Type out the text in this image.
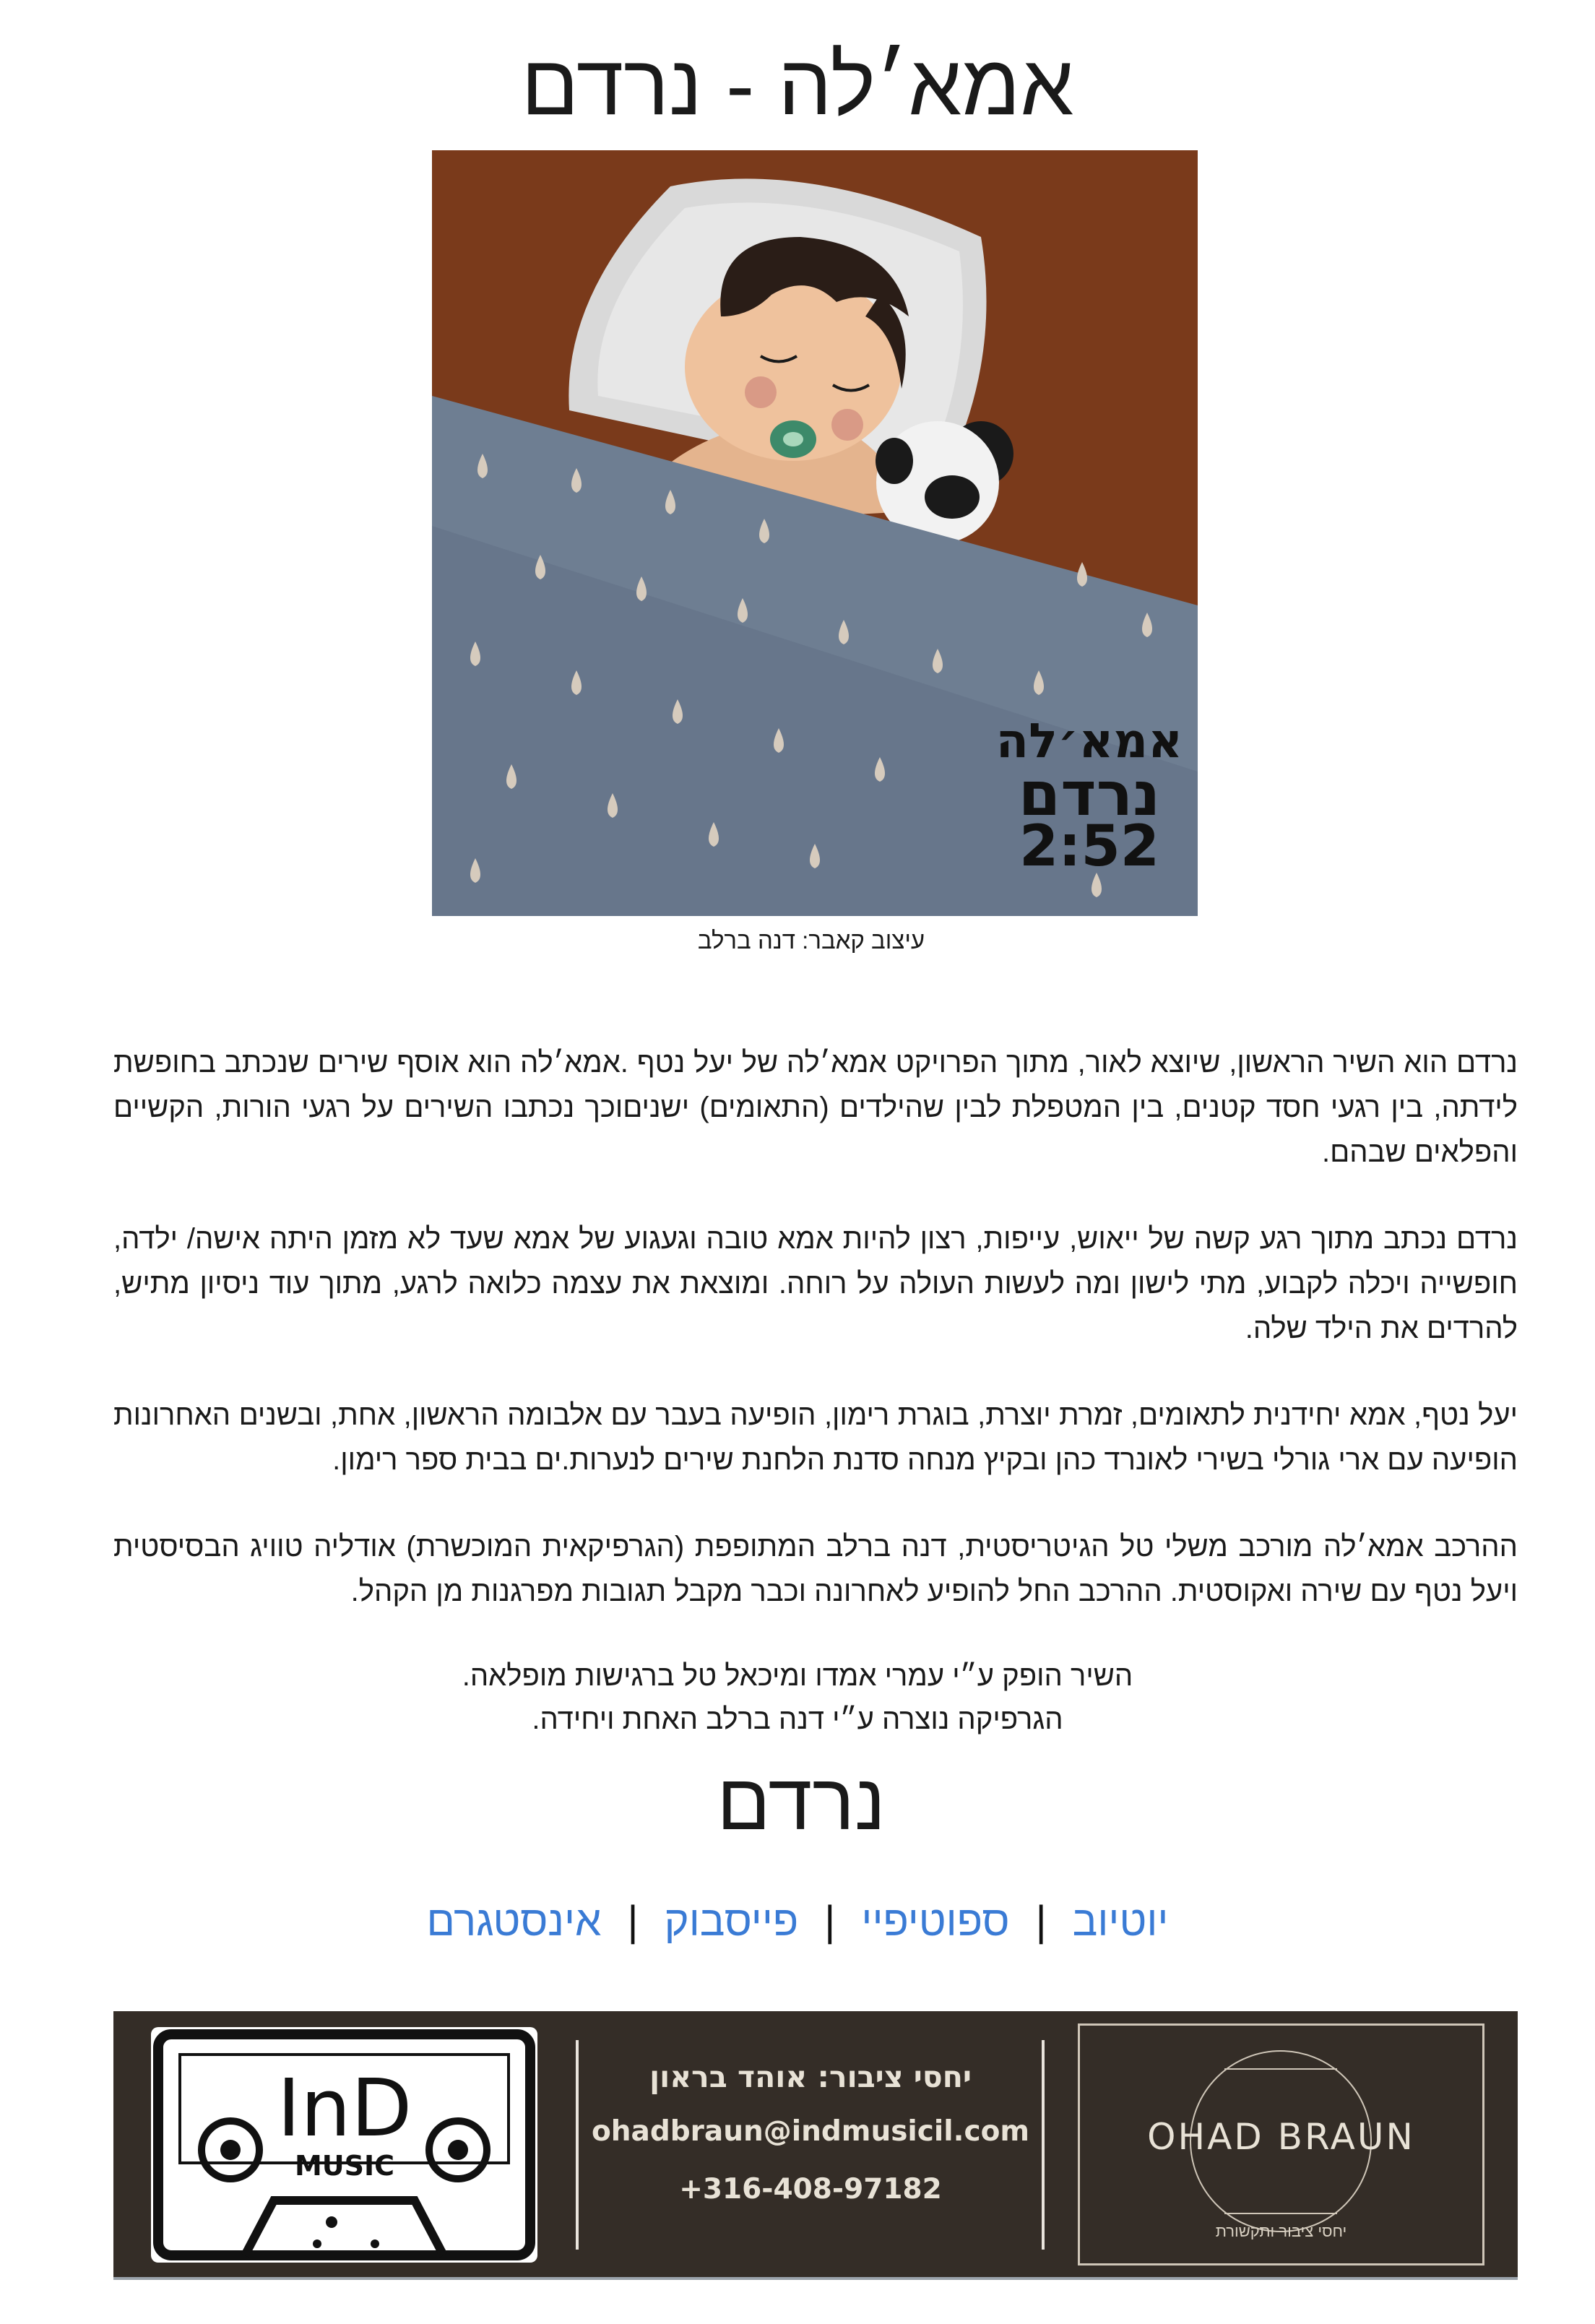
אמא׳לה - נרדם
אמא׳לה
נרדם
2:52
עיצוב קאבר: דנה ברלב

נרדם הוא השיר הראשון, שיוצא לאור, מתוך הפרויקט אמא׳לה של יעל נטף .אמא׳לה הוא אוסף שירים שנכתב בחופשת לידתה, בין רגעי חסד קטנים, בין המטפלת לבין שהילדים (התאומים) ישניםוכך נכתבו השירים על רגעי הורות, הקשיים והפלאים שבהם.

נרדם נכתב מתוך רגע קשה של ייאוש, עייפות, רצון להיות אמא טובה וגעגוע של אמא שעד לא מזמן היתה אישה/ ילדה, חופשייה ויכלה לקבוע, מתי לישון ומה לעשות העולה על רוחה. ומוצאת את עצמה כלואה לרגע, מתוך עוד ניסיון מתיש, להרדים את הילד שלה.

יעל נטף, אמא יחידנית לתאומים, זמרת יוצרת, בוגרת רימון, הופיעה בעבר עם אלבומה הראשון, אחת, ובשנים האחרונות הופיעה עם ארי גורלי בשירי לאונרד כהן ובקיץ מנחה סדנת הלחנת שירים לנערות.ים בבית ספר רימון.

ההרכב אמא׳לה מורכב משלי טל הגיטריסטית, דנה ברלב המתופפת (הגרפיקאית המוכשרת) אודליה טוויג הבסיסטית ויעל נטף עם שירה ואקוסטית. ההרכב החל להופיע לאחרונה וכבר מקבל תגובות מפרגנות מן הקהל.

השיר הופק ע״י עמרי אמדו ומיכאל טל ברגישות מופלאה.
הגרפיקה נוצרה ע״י דנה ברלב האחת ויחידה.
נרדם
יוטיוב|ספוטיפיי|פייסבוק|אינסטגרם
InD
MUSIC
יחסי ציבור: אוהד בראון
ohadbraun@indmusicil.com
+316-408-97182
OHAD BRAUN
יחסי ציבור ותקשורת
